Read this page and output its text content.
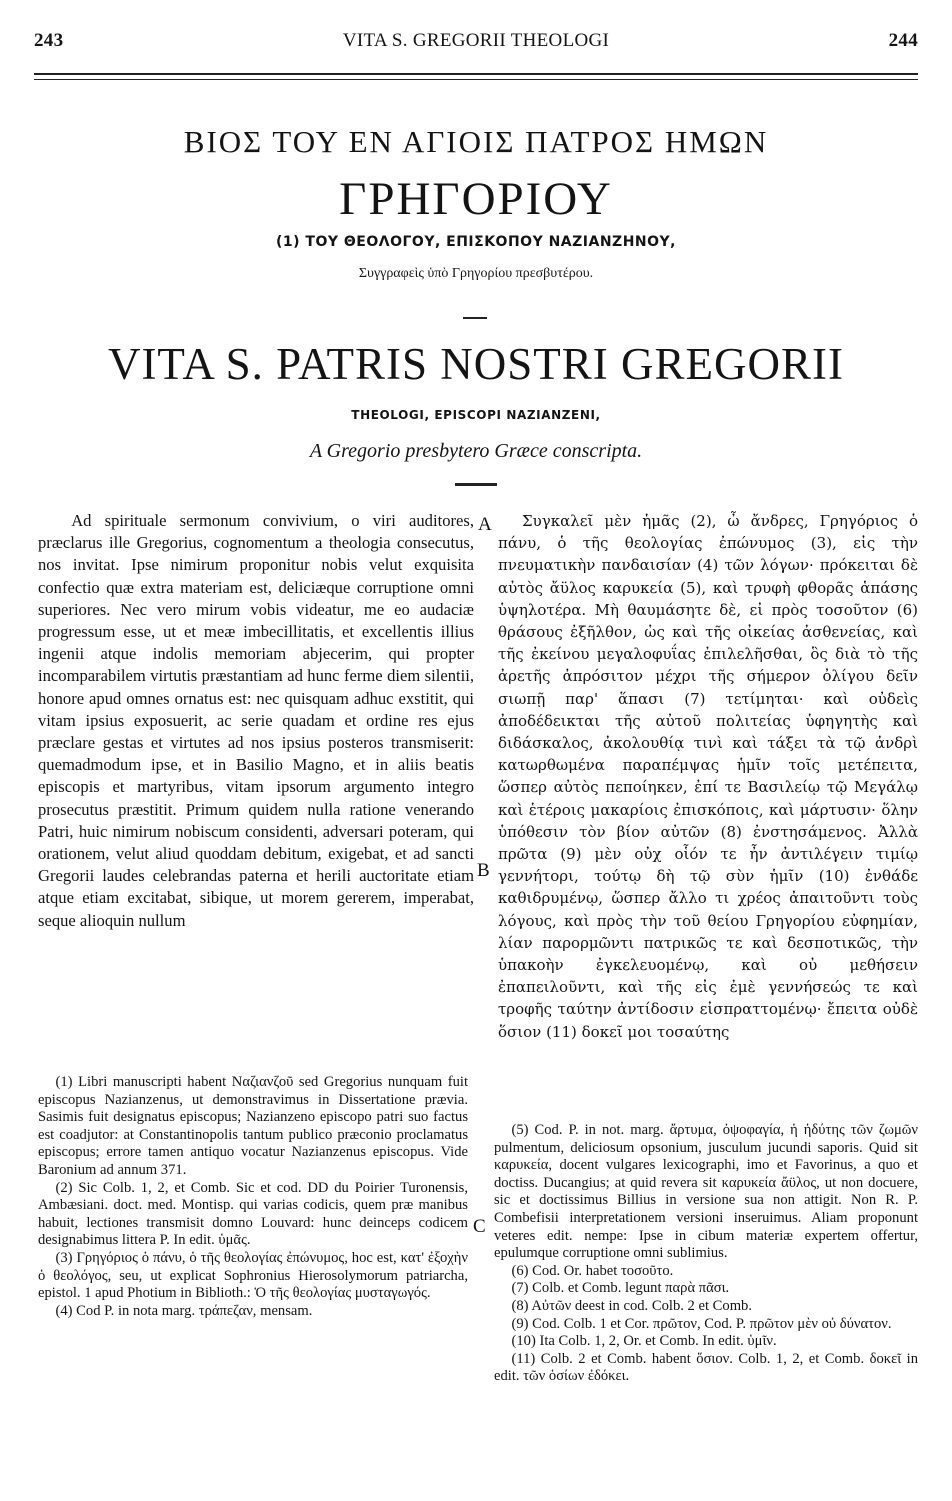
243	VITA S. GREGORII THEOLOGI	244
ΒΙΟΣ ΤΟΥ ΕΝ ΑΓΙΟΙΣ ΠΑΤΡΟΣ ΗΜΩΝ
ΓΡΗΓΟΡΙΟΥ
(1) ΤΟΥ ΘΕΟΛΟΓΟΥ, ΕΠΙΣΚΟΠΟΥ ΝΑΖΙΑΝΖΗΝΟΥ,
Συγγραφεὶς ὑπὸ Γρηγορίου πρεσβυτέρου.
VITA S. PATRIS NOSTRI GREGORII
THEOLOGI, EPISCOPI NAZIANZENI,
A Gregorio presbytero Græce conscripta.

Ad spirituale sermonum convivium, o viri auditores, præclarus ille Gregorius, cognomentum a theologia consecutus, nos invitat. Ipse nimirum proponitur nobis velut exquisita confectio quæ extra materiam est, deliciæque corruptione omni superiores. Nec vero mirum vobis videatur, me eo audaciæ progressum esse, ut et meæ imbecillitatis, et excellentis illius ingenii atque indolis memoriam abjecerim, qui propter incomparabilem virtutis præstantiam ad hunc ferme diem silentii, honore apud omnes ornatus est: nec quisquam adhuc exstitit, qui vitam ipsius exposuerit, ac serie quadam et ordine res ejus præclare gestas et virtutes ad nos ipsius posteros transmiserit: quemadmodum ipse, et in Basilio Magno, et in aliis beatis episcopis et martyribus, vitam ipsorum argumento integro prosecutus præstitit. Primum quidem nulla ratione venerando Patri, huic nimirum nobiscum considenti, adversari poteram, qui orationem, velut aliud quoddam debitum, exigebat, et ad sancti Gregorii laudes celebrandas paterna et herili auctoritate etiam atque etiam excitabat, sibique, ut morem gererem, imperabat, seque alioquin nullum

Συγκαλεῖ μὲν ἡμᾶς (2), ὦ ἄνδρες, Γρηγόριος ὁ πάνυ, ὁ τῆς θεολογίας ἐπώνυμος (3), εἰς τὴν πνευματικὴν πανδαισίαν (4) τῶν λόγων· πρόκειται δὲ αὐτὸς ἄϋλος καρυκεία (5), καὶ τρυφὴ φθορᾶς ἁπάσης ὑψηλοτέρα. Μὴ θαυμάσητε δὲ, εἰ πρὸς τοσοῦτον (6) θράσους ἐξῆλθον, ὡς καὶ τῆς οἰκείας ἀσθενείας, καὶ τῆς ἐκείνου μεγαλοφυΐας ἐπιλελῆσθαι, ὃς διὰ τὸ τῆς ἀρετῆς ἀπρόσιτον μέχρι τῆς σήμερον ὀλίγου δεῖν σιωπῇ παρ' ἅπασι (7) τετίμηται· καὶ οὐδεὶς ἀποδέδεικται τῆς αὐτοῦ πολιτείας ὑφηγητὴς καὶ διδάσκαλος, ἀκολουθίᾳ τινὶ καὶ τάξει τὰ τῷ ἀνδρὶ κατωρθωμένα παραπέμψας ἡμῖν τοῖς μετέπειτα, ὥσπερ αὐτὸς πεποίηκεν, ἐπί τε Βασιλείῳ τῷ Μεγάλῳ καὶ ἑτέροις μακαρίοις ἐπισκόποις, καὶ μάρτυσιν· ὅλην ὑπόθεσιν τὸν βίον αὐτῶν (8) ἐνστησάμενος. Ἀλλὰ πρῶτα (9) μὲν οὐχ οἷόν τε ἦν ἀντιλέγειν τιμίῳ γεννήτορι, τούτῳ δὴ τῷ σὺν ἡμῖν (10) ἐνθάδε καθιδρυμένῳ, ὥσπερ ἄλλο τι χρέος ἀπαιτοῦντι τοὺς λόγους, καὶ πρὸς τὴν τοῦ θείου Γρηγορίου εὐφημίαν, λίαν παρορμῶντι πατρικῶς τε καὶ δεσποτικῶς, τὴν ὑπακοὴν ἐγκελευομένῳ, καὶ οὐ μεθήσειν ἐπαπειλοῦντι, καὶ τῆς εἰς ἐμὲ γεννήσεώς τε καὶ τροφῆς ταύτην ἀντίδοσιν εἰσπραττομένῳ· ἔπειτα οὐδὲ ὅσιον (11) δοκεῖ μοι τοσαύτης

A
B
C

(1) Libri manuscripti habent Ναζιανζοῦ sed Gregorius nunquam fuit episcopus Nazianzenus, ut demonstravimus in Dissertatione prævia. Sasimis fuit designatus episcopus; Nazianzeno episcopo patri suo factus est coadjutor: at Constantinopolis tantum publico præconio proclamatus episcopus; errore tamen antiquo vocatur Nazianzenus episcopus. Vide Baronium ad annum 371.

(2) Sic Colb. 1, 2, et Comb. Sic et cod. DD du Poirier Turonensis, Ambæsiani. doct. med. Montisp. qui varias codicis, quem præ manibus habuit, lectiones transmisit domno Louvard: hunc deinceps codicem designabimus littera P. In edit. ὑμᾶς.

(3) Γρηγόριος ὁ πάνυ, ὁ τῆς θεολογίας ἐπώνυμος, hoc est, κατ' ἐξοχὴν ὁ θεολόγος, seu, ut explicat Sophronius Hierosolymorum patriarcha, epistol. 1 apud Photium in Biblioth.: Ὁ τῆς θεολογίας μυσταγωγός.

(4) Cod P. in nota marg. τράπεζαν, mensam.

(5) Cod. P. in not. marg. ἄρτυμα, ὀψοφαγία, ἡ ἡδύτης τῶν ζωμῶν pulmentum, deliciosum opsonium, jusculum jucundi saporis. Quid sit καρυκεία, docent vulgares lexicographi, imo et Favorinus, a quo et doctiss. Ducangius; at quid revera sit καρυκεία ἄϋλος, ut non docuere, sic et doctissimus Billius in versione sua non attigit. Non R. P. Combefisii interpretationem versioni inseruimus. Aliam proponunt veteres edit. nempe: Ipse in cibum materiæ expertem offertur, epulumque corruptione omni sublimius.

(6) Cod. Or. habet τοσοῦτο.

(7) Colb. et Comb. legunt παρὰ πᾶσι.

(8) Αὐτῶν deest in cod. Colb. 2 et Comb.

(9) Cod. Colb. 1 et Cor. πρῶτον, Cod. P. πρῶτον μὲν οὐ δύνατον.

(10) Ita Colb. 1, 2, Or. et Comb. In edit. ὑμῖν.

(11) Colb. 2 et Comb. habent ὅσιον. Colb. 1, 2, et Comb. δοκεῖ in edit. τῶν ὁσίων ἐδόκει.
